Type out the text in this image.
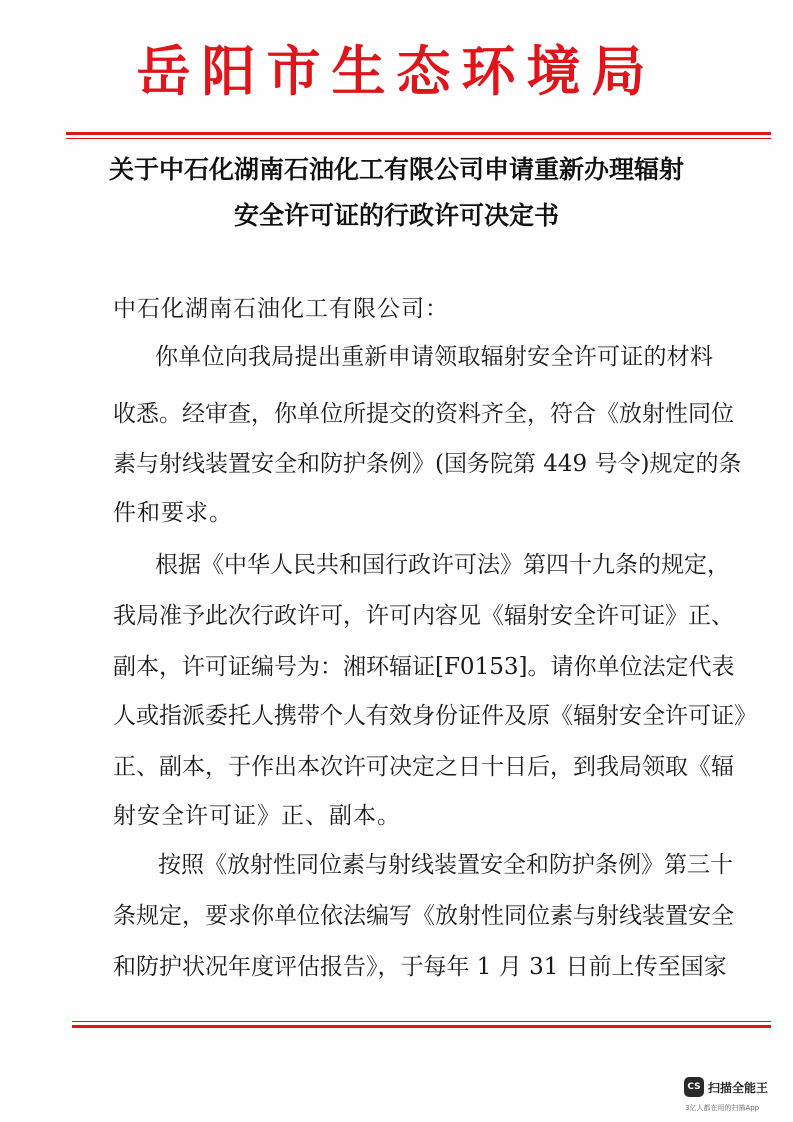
岳阳市生态环境局
关于中石化湖南石油化工有限公司申请重新办理辐射
安全许可证的行政许可决定书
中石化湖南石油化工有限公司：
你单位向我局提出重新申请领取辐射安全许可证的材料
收悉。经审查，你单位所提交的资料齐全，符合《放射性同位
素与射线装置安全和防护条例》(国务院第 449 号令)规定的条
件和要求。
根据《中华人民共和国行政许可法》第四十九条的规定，
我局准予此次行政许可，许可内容见《辐射安全许可证》正、
副本，许可证编号为：湘环辐证[F0153]。请你单位法定代表
人或指派委托人携带个人有效身份证件及原《辐射安全许可证》
正、副本，于作出本次许可决定之日十日后，到我局领取《辐
射安全许可证》正、副本。
按照《放射性同位素与射线装置安全和防护条例》第三十
条规定，要求你单位依法编写《放射性同位素与射线装置安全
和防护状况年度评估报告》，于每年 1 月 31 日前上传至国家
CS 扫描全能王
3亿人都在用的扫描App
